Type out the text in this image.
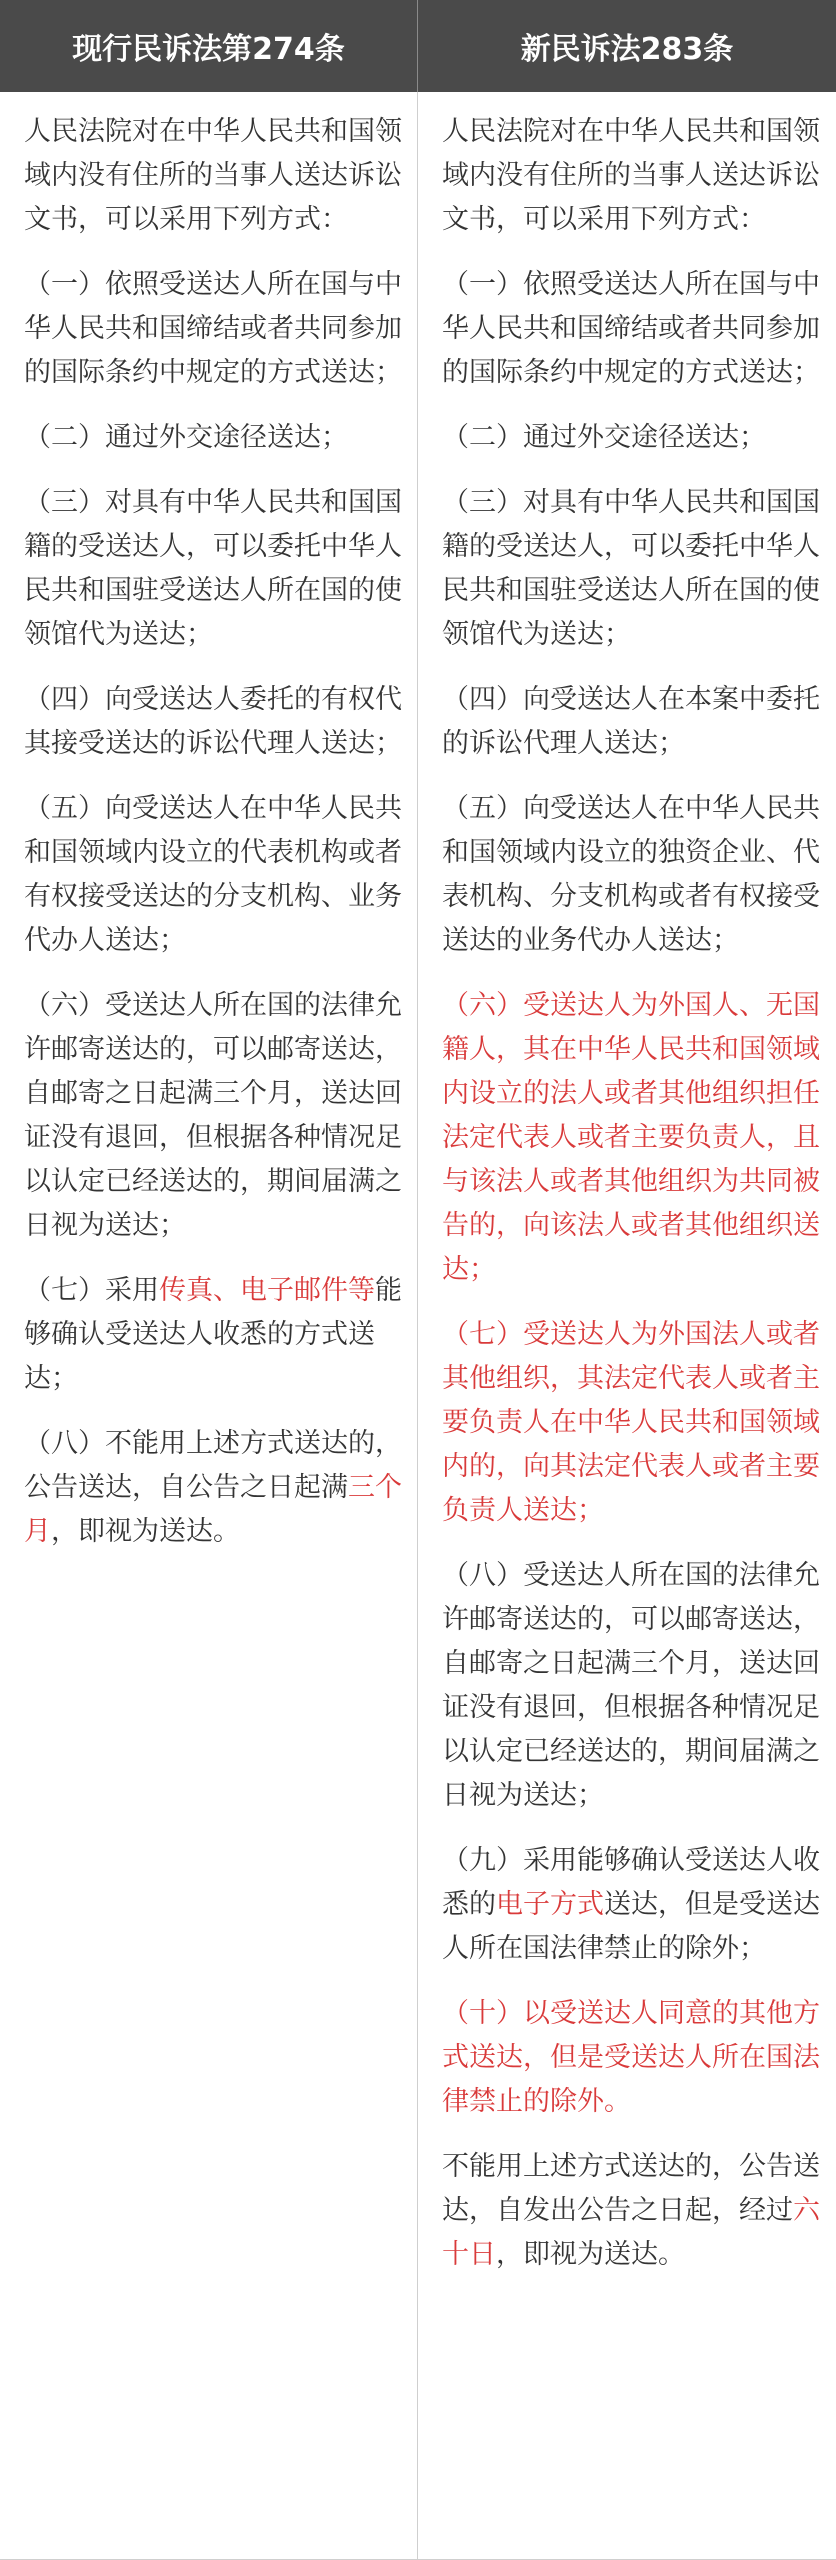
现行民诉法第274条	新民诉法283条
人民法院对在中华人民共和国领域内没有住所的当事人送达诉讼文书，可以采用下列方式：
（一）依照受送达人所在国与中华人民共和国缔结或者共同参加的国际条约中规定的方式送达；
（二）通过外交途径送达；
（三）对具有中华人民共和国国籍的受送达人，可以委托中华人民共和国驻受送达人所在国的使领馆代为送达；
（四）向受送达人委托的有权代其接受送达的诉讼代理人送达；
（五）向受送达人在中华人民共和国领域内设立的代表机构或者有权接受送达的分支机构、业务代办人送达；
（六）受送达人所在国的法律允许邮寄送达的，可以邮寄送达，自邮寄之日起满三个月，送达回证没有退回，但根据各种情况足以认定已经送达的，期间届满之日视为送达；
（七）采用传真、电子邮件等能够确认受送达人收悉的方式送达；
（八）不能用上述方式送达的，公告送达，自公告之日起满三个月，即视为送达。
人民法院对在中华人民共和国领域内没有住所的当事人送达诉讼文书，可以采用下列方式：
（一）依照受送达人所在国与中华人民共和国缔结或者共同参加的国际条约中规定的方式送达；
（二）通过外交途径送达；
（三）对具有中华人民共和国国籍的受送达人，可以委托中华人民共和国驻受送达人所在国的使领馆代为送达；
（四）向受送达人在本案中委托的诉讼代理人送达；
（五）向受送达人在中华人民共和国领域内设立的独资企业、代表机构、分支机构或者有权接受送达的业务代办人送达；
（六）受送达人为外国人、无国籍人，其在中华人民共和国领域内设立的法人或者其他组织担任法定代表人或者主要负责人，且与该法人或者其他组织为共同被告的，向该法人或者其他组织送达；
（七）受送达人为外国法人或者其他组织，其法定代表人或者主要负责人在中华人民共和国领域内的，向其法定代表人或者主要负责人送达；
（八）受送达人所在国的法律允许邮寄送达的，可以邮寄送达，自邮寄之日起满三个月，送达回证没有退回，但根据各种情况足以认定已经送达的，期间届满之日视为送达；
（九）采用能够确认受送达人收悉的电子方式送达，但是受送达人所在国法律禁止的除外；
（十）以受送达人同意的其他方式送达，但是受送达人所在国法律禁止的除外。
不能用上述方式送达的，公告送达，自发出公告之日起，经过六十日，即视为送达。
